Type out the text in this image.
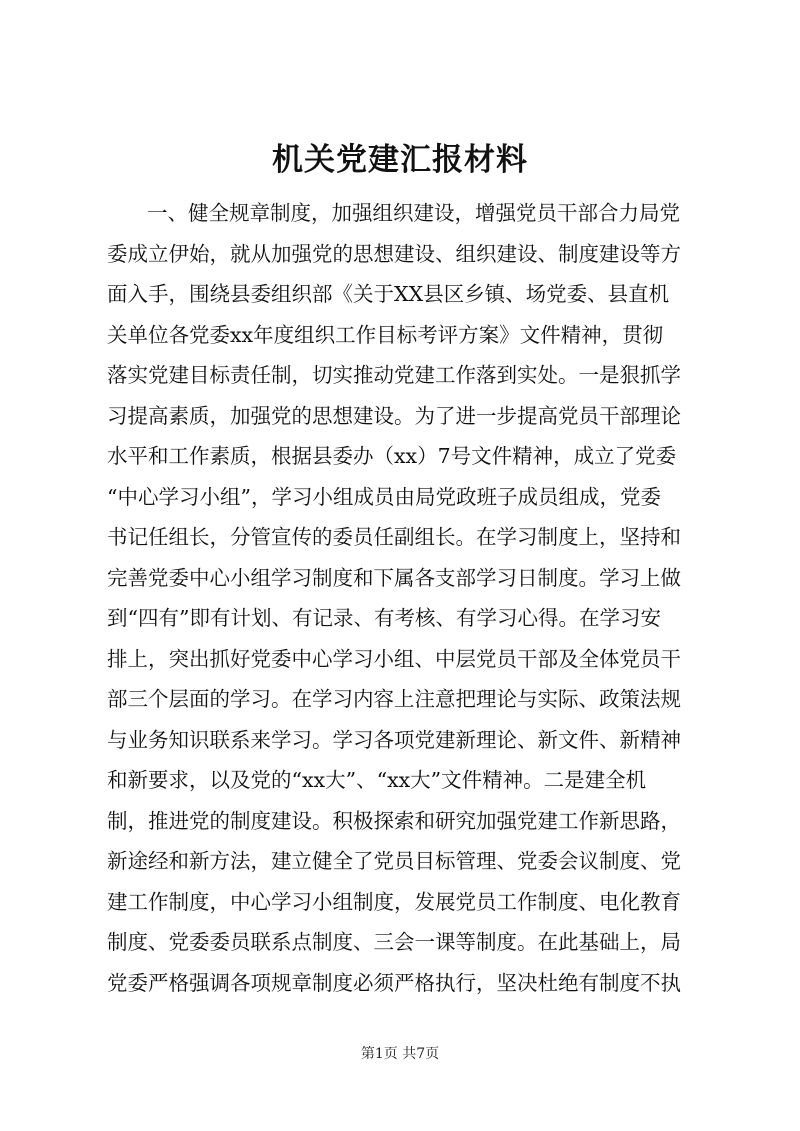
机关党建汇报材料
一、健全规章制度，加强组织建设，增强党员干部合力局党
委成立伊始，就从加强党的思想建设、组织建设、制度建设等方
面入手，围绕县委组织部《关于XX县区乡镇、场党委、县直机
关单位各党委xx年度组织工作目标考评方案》文件精神，贯彻
落实党建目标责任制，切实推动党建工作落到实处。一是狠抓学
习提高素质，加强党的思想建设。为了进一步提高党员干部理论
水平和工作素质，根据县委办（xx）7号文件精神，成立了党委
“中心学习小组”，学习小组成员由局党政班子成员组成，党委
书记任组长，分管宣传的委员任副组长。在学习制度上，坚持和
完善党委中心小组学习制度和下属各支部学习日制度。学习上做
到“四有”即有计划、有记录、有考核、有学习心得。在学习安
排上，突出抓好党委中心学习小组、中层党员干部及全体党员干
部三个层面的学习。在学习内容上注意把理论与实际、政策法规
与业务知识联系来学习。学习各项党建新理论、新文件、新精神
和新要求，以及党的“xx大”、“xx大”文件精神。二是建全机
制，推进党的制度建设。积极探索和研究加强党建工作新思路，
新途经和新方法，建立健全了党员目标管理、党委会议制度、党
建工作制度，中心学习小组制度，发展党员工作制度、电化教育
制度、党委委员联系点制度、三会一课等制度。在此基础上，局
党委严格强调各项规章制度必须严格执行，坚决杜绝有制度不执
第1页 共7页
